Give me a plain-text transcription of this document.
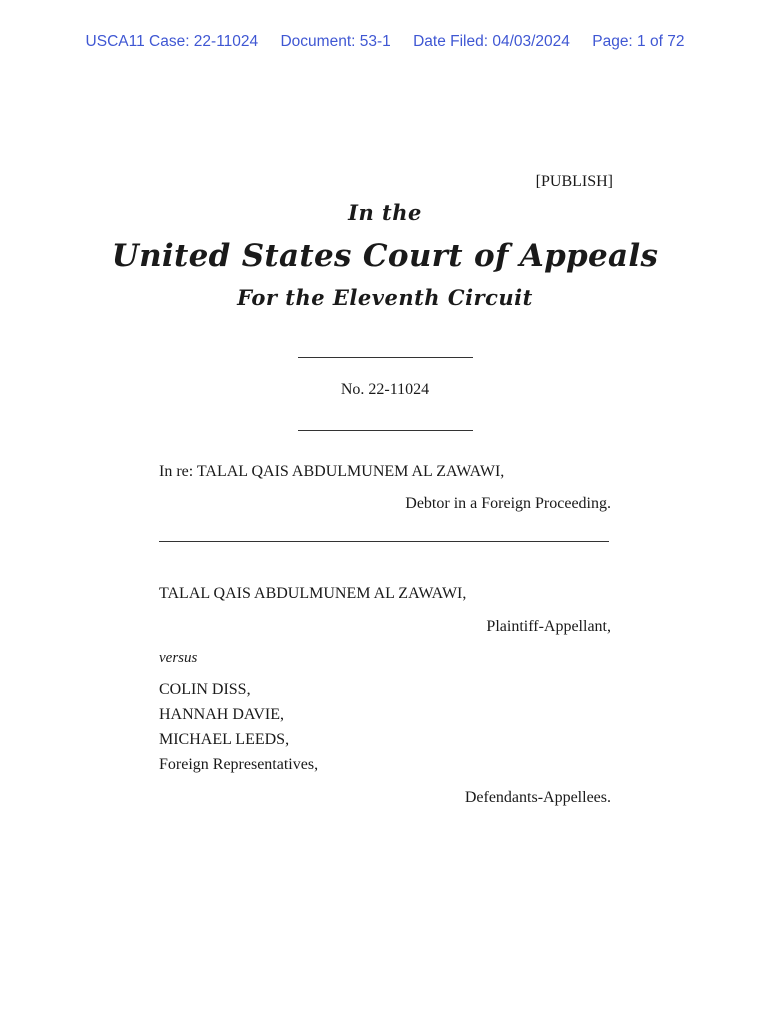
USCA11 Case: 22-11024 Document: 53-1 Date Filed: 04/03/2024 Page: 1 of 72
[PUBLISH]
In the
United States Court of Appeals
For the Eleventh Circuit
No. 22-11024
In re: TALAL QAIS ABDULMUNEM AL ZAWAWI,
Debtor in a Foreign Proceeding.
TALAL QAIS ABDULMUNEM AL ZAWAWI,
Plaintiff-Appellant,
versus
COLIN DISS,
HANNAH DAVIE,
MICHAEL LEEDS,
Foreign Representatives,
Defendants-Appellees.
